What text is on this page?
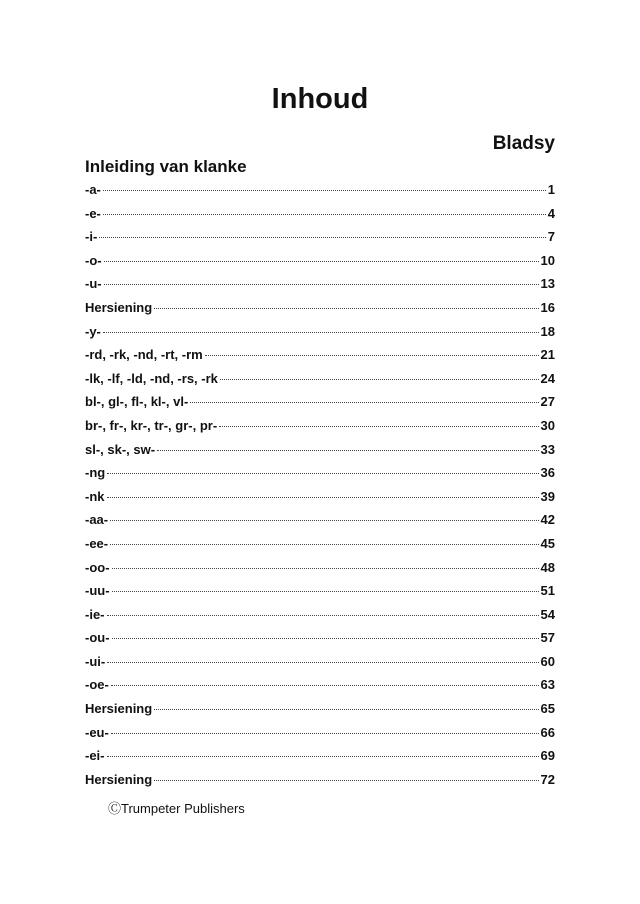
Inhoud
Bladsy
Inleiding van klanke
-a-	1
-e-	4
-i-	7
-o-	10
-u-	13
Hersiening	16
-y-	18
-rd, -rk, -nd, -rt, -rm	21
-lk, -lf, -ld, -nd, -rs, -rk	24
bl-, gl-, fl-, kl-, vl-	27
br-, fr-, kr-, tr-, gr-, pr-	30
sl-, sk-, sw-	33
-ng	36
-nk	39
-aa-	42
-ee-	45
-oo-	48
-uu-	51
-ie-	54
-ou-	57
-ui-	60
-oe-	63
Hersiening	65
-eu-	66
-ei-	69
Hersiening	72
ⒸTrumpeter Publishers
